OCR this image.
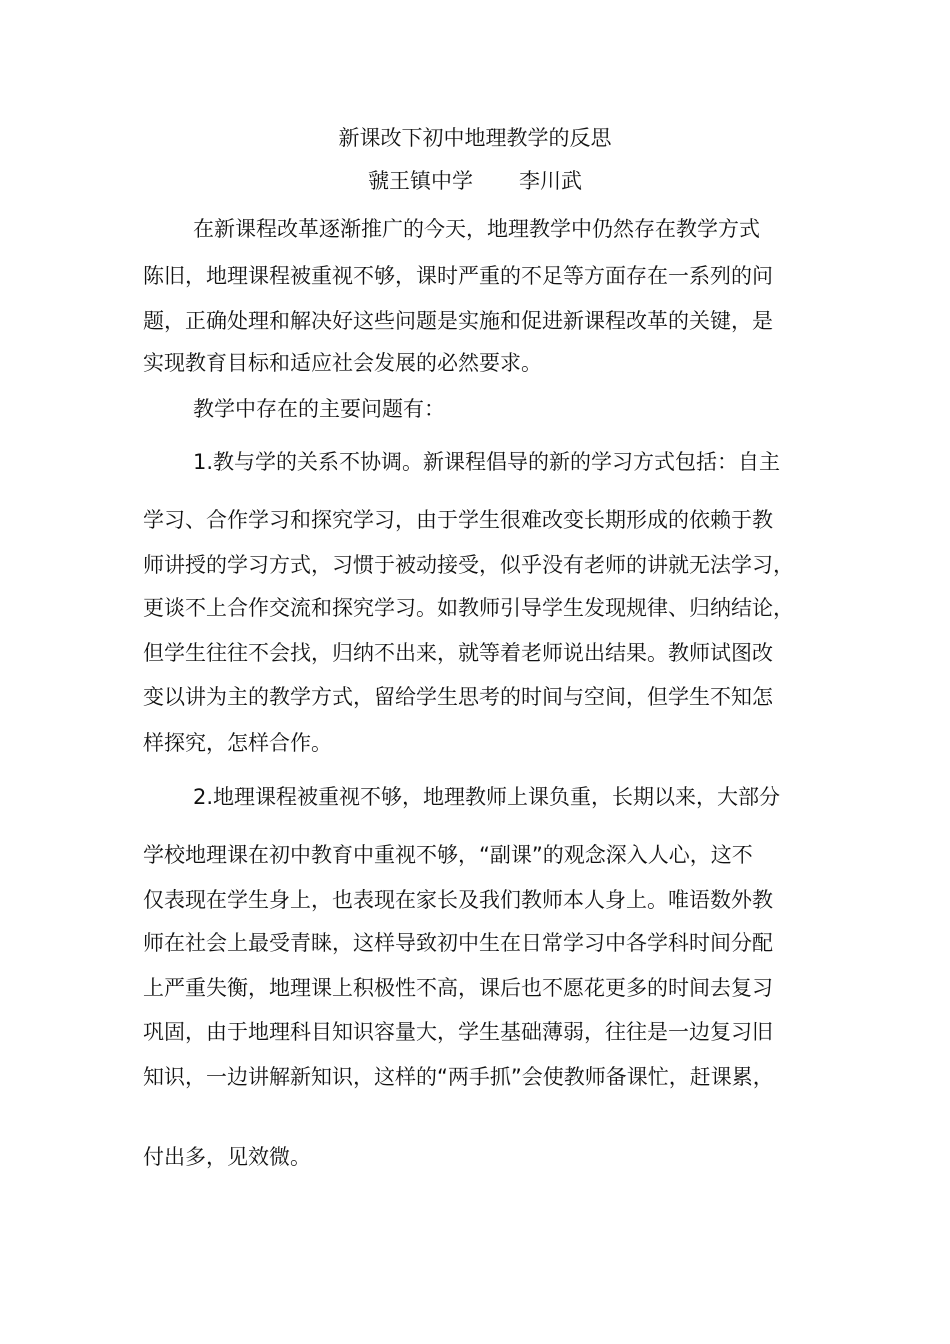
新课改下初中地理教学的反思
虢王镇中学 李川武
在新课程改革逐渐推广的今天，地理教学中仍然存在教学方式
陈旧，地理课程被重视不够，课时严重的不足等方面存在一系列的问
题，正确处理和解决好这些问题是实施和促进新课程改革的关键，是
实现教育目标和适应社会发展的必然要求。
教学中存在的主要问题有：
1.教与学的关系不协调。新课程倡导的新的学习方式包括：自主
学习、合作学习和探究学习，由于学生很难改变长期形成的依赖于教
师讲授的学习方式，习惯于被动接受，似乎没有老师的讲就无法学习，
更谈不上合作交流和探究学习。如教师引导学生发现规律、归纳结论，
但学生往往不会找，归纳不出来，就等着老师说出结果。教师试图改
变以讲为主的教学方式，留给学生思考的时间与空间，但学生不知怎
样探究，怎样合作。
2.地理课程被重视不够，地理教师上课负重，长期以来，大部分
学校地理课在初中教育中重视不够，“副课”的观念深入人心，这不
仅表现在学生身上，也表现在家长及我们教师本人身上。唯语数外教
师在社会上最受青睐，这样导致初中生在日常学习中各学科时间分配
上严重失衡，地理课上积极性不高，课后也不愿花更多的时间去复习
巩固，由于地理科目知识容量大，学生基础薄弱，往往是一边复习旧
知识，一边讲解新知识，这样的“两手抓”会使教师备课忙，赶课累，
付出多，见效微。
